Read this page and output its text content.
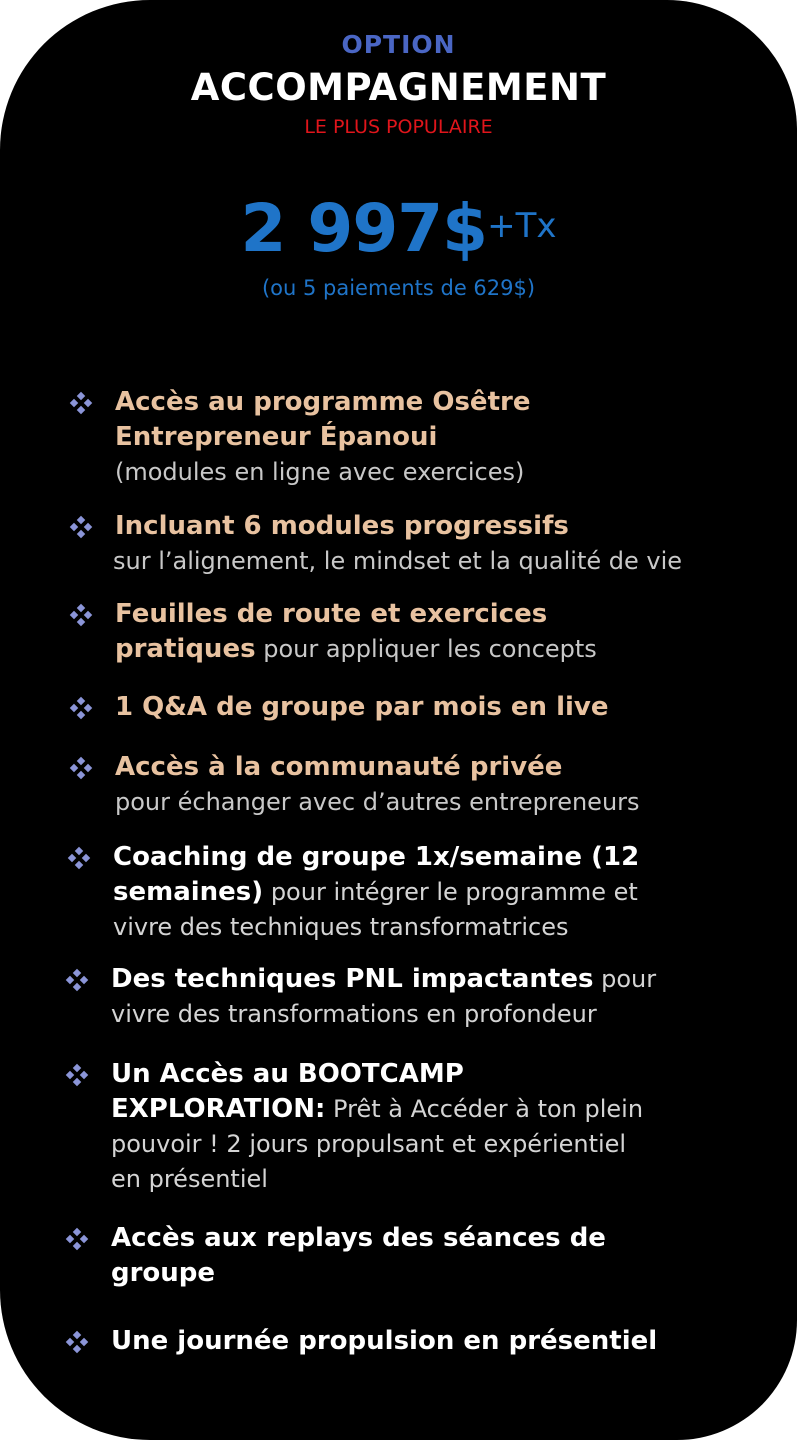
OPTION
ACCOMPAGNEMENT
LE PLUS POPULAIRE
2 997$+Tx
(ou 5 paiements de 629$)
Accès au programme Osêtre Entrepreneur Épanoui
(modules en ligne avec exercices)
Incluant 6 modules progressifs
sur l’alignement, le mindset et la qualité de vie
Feuilles de route et exercices pratiques pour appliquer les concepts
1 Q&A de groupe par mois en live
Accès à la communauté privée
pour échanger avec d’autres entrepreneurs
Coaching de groupe 1x/semaine (12 semaines) pour intégrer le programme et vivre des techniques transformatrices
Des techniques PNL impactantes pour vivre des transformations en profondeur
Un Accès au BOOTCAMP EXPLORATION: Prêt à Accéder à ton plein pouvoir ! 2 jours propulsant et expérientiel en présentiel
Accès aux replays des séances de groupe
Une journée propulsion en présentiel
